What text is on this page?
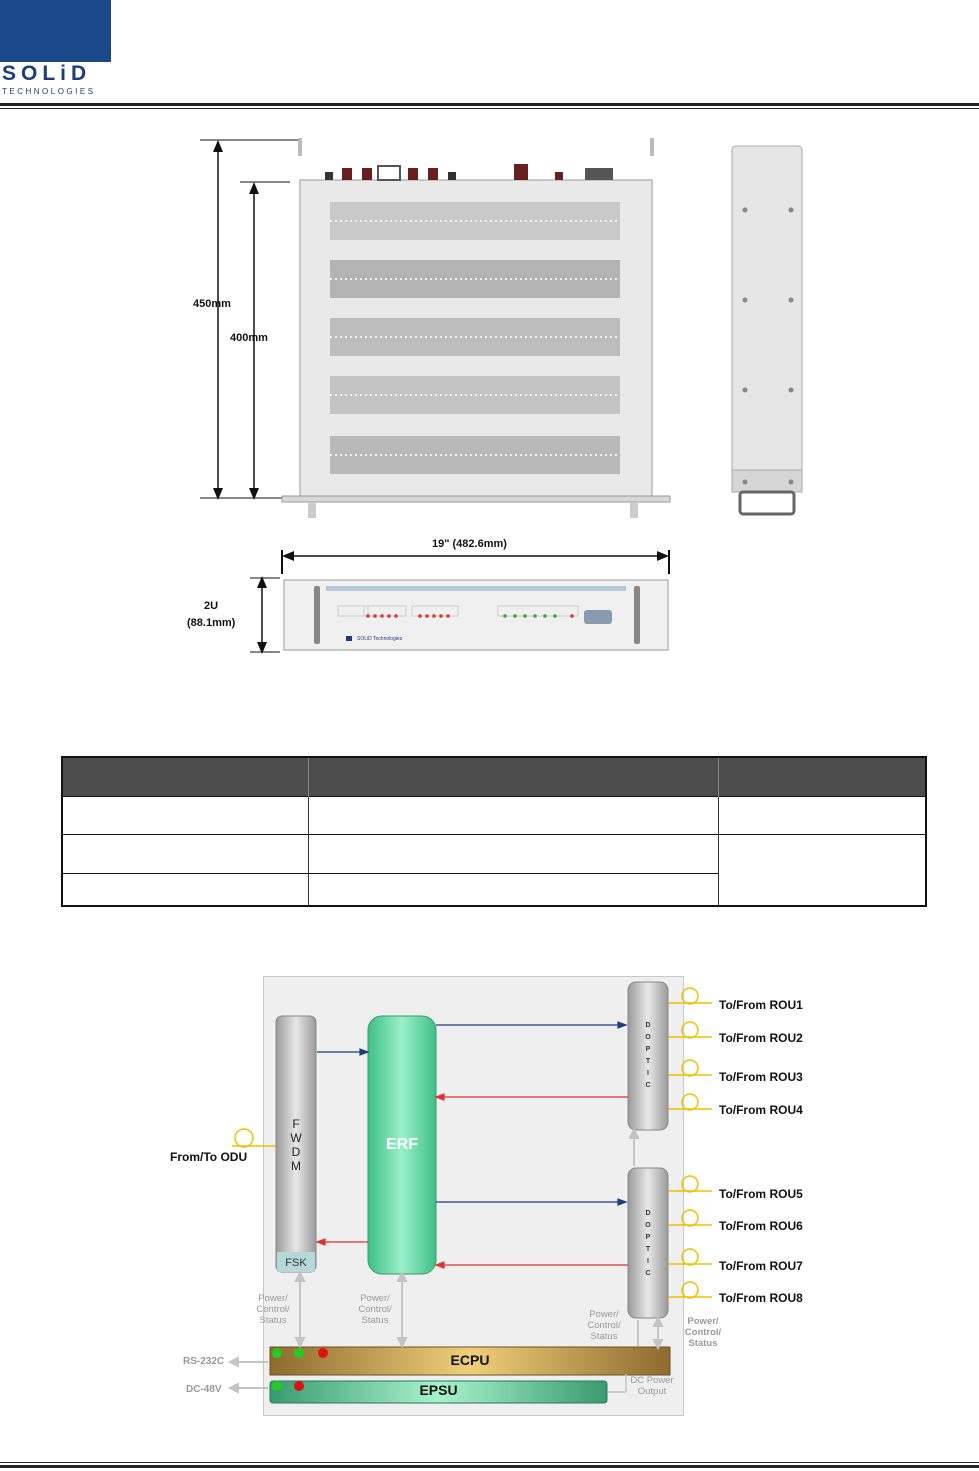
SOLiD
TECHNOLOGIES
450mm
400mm
SOLiD Technologies
19" (482.6mm)
2U
(88.1mm)

F
W
D
M
FSK
ERF
D
O
P
T
I
C
D
O
P
T
I
C
From/To ODU
To/From ROU1
To/From ROU2
To/From ROU3
To/From ROU4
To/From ROU5
To/From ROU6
To/From ROU7
To/From ROU8
Power/
Control/
Status
Power/
Control/
Status
Power/
Control/
Status
Power/
Control/
Status
ECPU
EPSU
RS-232C
DC-48V
DC Power
Output
